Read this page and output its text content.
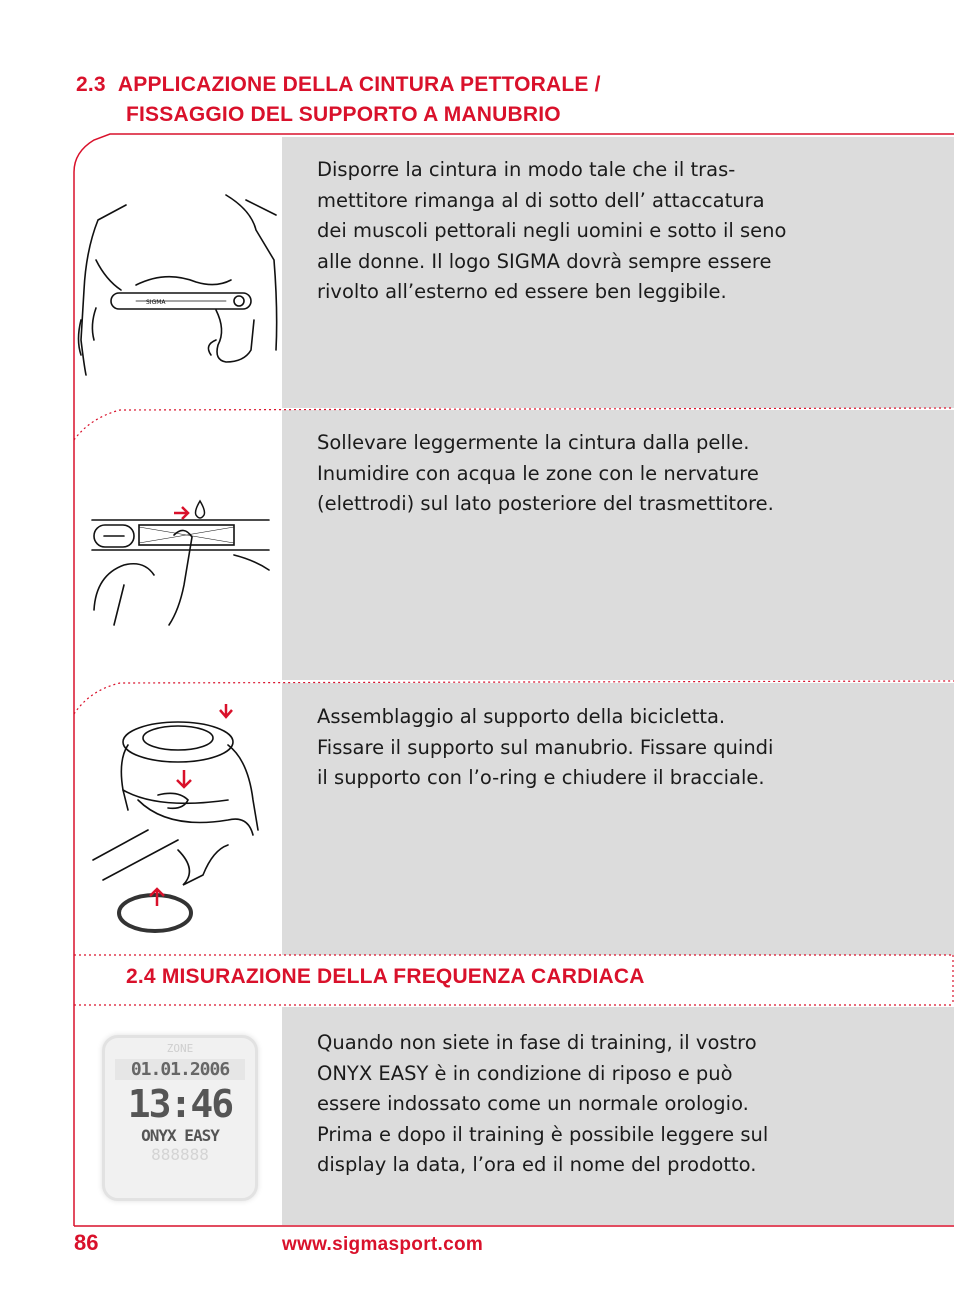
2.3 APPLICAZIONE DELLA CINTURA PETTORALE /
FISSAGGIO DEL SUPPORTO A MANUBRIO

Disporre la cintura in modo tale che il tras-
mettitore rimanga al di sotto dell’ attaccatura
dei muscoli pettorali negli uomini e sotto il seno
alle donne. Il logo SIGMA dovrà sempre essere
rivolto all’esterno ed essere ben leggibile.

Sollevare leggermente la cintura dalla pelle.
Inumidire con acqua le zone con le nervature
(elettrodi) sul lato posteriore del trasmettitore.

Assemblaggio al supporto della bicicletta.
Fissare il supporto sul manubrio. Fissare quindi
il supporto con l’o-ring e chiudere il bracciale.

SIGMA
2.4 MISURAZIONE DELLA FREQUENZA CARDIACA

Quando non siete in fase di training, il vostro
ONYX EASY è in condizione di riposo e può
essere indossato come un normale orologio.
Prima e dopo il training è possibile leggere sul
display la data, l’ora ed il nome del prodotto.

ZONE
01.01.2006
13:46
ONYX EASY
888888
86	www.sigmasport.com
